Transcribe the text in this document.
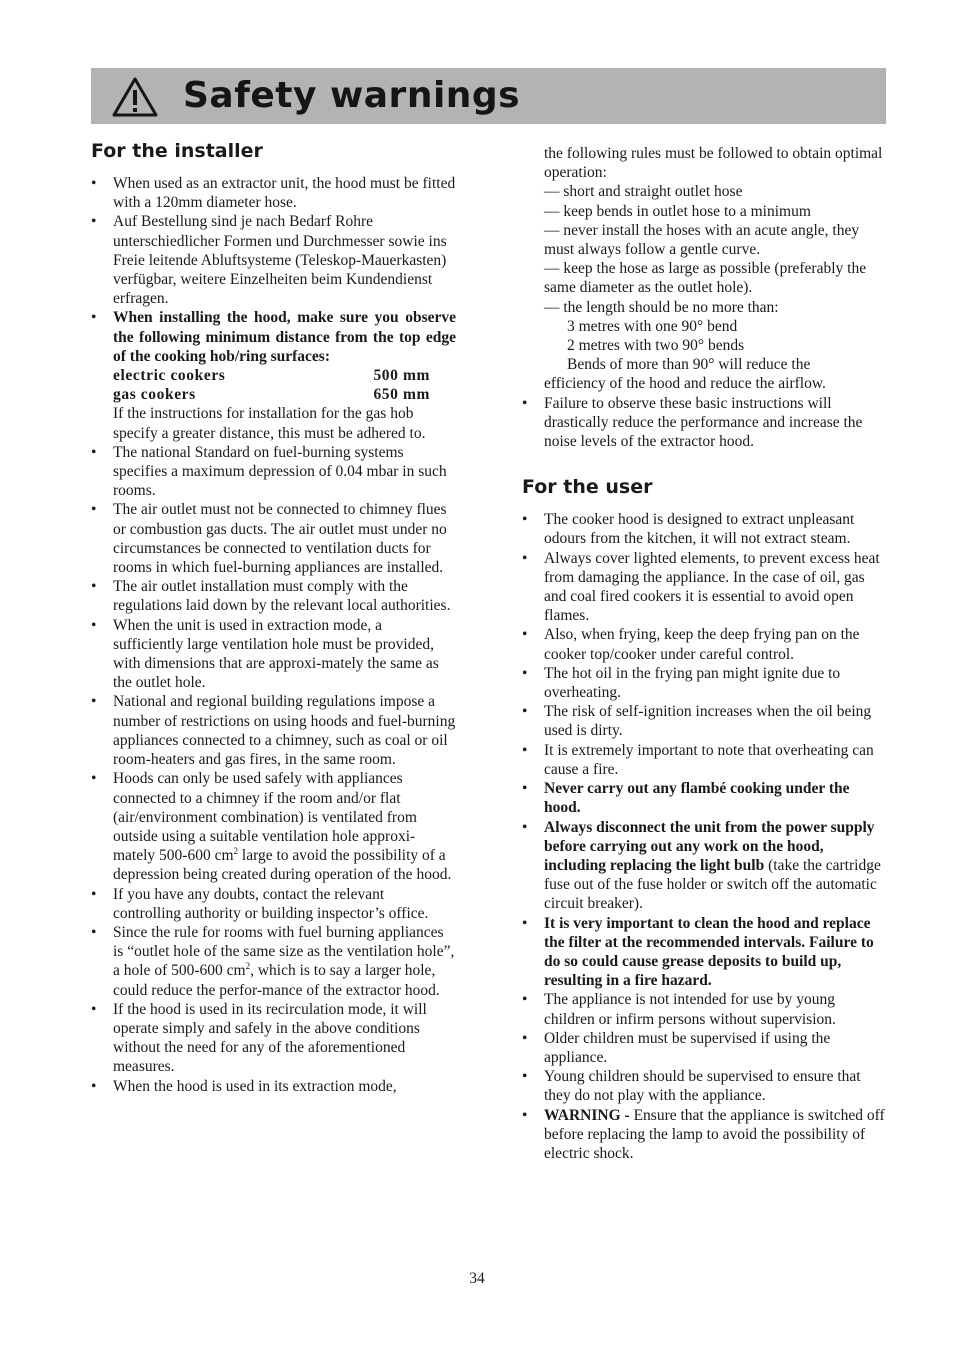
Safety warnings
For the installer
• When used as an extractor unit, the hood must be fitted with a 120mm diameter hose.
• Auf Bestellung sind je nach Bedarf Rohre unterschiedlicher Formen und Durchmesser sowie ins Freie leitende Abluftsysteme (Teleskop-Mauerkasten) verfügbar, weitere Einzelheiten beim Kundendienst erfragen.
• When installing the hood, make sure you observe the following minimum distance from the top edge of the cooking hob/ring surfaces:
electric cookers	500 mm
gas cookers	650 mm
If the instructions for installation for the gas hob specify a greater distance, this must be adhered to.
• The national Standard on fuel-burning systems specifies a maximum depression of 0.04 mbar in such rooms.
• The air outlet must not be connected to chimney flues or combustion gas ducts. The air outlet must under no circumstances be connected to ventilation ducts for rooms in which fuel-burning appliances are installed.
• The air outlet installation must comply with the regulations laid down by the relevant local authorities.
• When the unit is used in extraction mode, a sufficiently large ventilation hole must be provided, with dimensions that are approxi-mately the same as the outlet hole.
• National and regional building regulations impose a number of restrictions on using hoods and fuel-burning appliances connected to a chimney, such as coal or oil room-heaters and gas fires, in the same room.
• Hoods can only be used safely with appliances connected to a chimney if the room and/or flat (air/environment combination) is ventilated from outside using a suitable ventilation hole approxi-mately 500-600 $cm^2$ large to avoid the possibility of a depression being created during operation of the hood.
• If you have any doubts, contact the relevant controlling authority or building inspector’s office.
• Since the rule for rooms with fuel burning appliances is “outlet hole of the same size as the ventilation hole”, a hole of 500-600 $cm^2$, which is to say a larger hole, could reduce the perfor-mance of the extractor hood.
• If the hood is used in its recirculation mode, it will operate simply and safely in the above conditions without the need for any of the aforementioned measures.
• When the hood is used in its extraction mode,
the following rules must be followed to obtain optimal operation:
— short and straight outlet hose
— keep bends in outlet hose to a minimum
— never install the hoses with an acute angle, they must always follow a gentle curve.
— keep the hose as large as possible (preferably the same diameter as the outlet hole).
— the length should be no more than:
3 metres with one 90° bend
2 metres with two 90° bends
Bends of more than 90° will reduce the
efficiency of the hood and reduce the airflow.
• Failure to observe these basic instructions will drastically reduce the performance and increase the noise levels of the extractor hood.
For the user
• The cooker hood is designed to extract unpleasant odours from the kitchen, it will not extract steam.
• Always cover lighted elements, to prevent excess heat from damaging the appliance. In the case of oil, gas and coal fired cookers it is essential to avoid open flames.
• Also, when frying, keep the deep frying pan on the cooker top/cooker under careful control.
• The hot oil in the frying pan might ignite due to overheating.
• The risk of self-ignition increases when the oil being used is dirty.
• It is extremely important to note that overheating can cause a fire.
• Never carry out any flambé cooking under the hood.
• Always disconnect the unit from the power supply before carrying out any work on the hood, including replacing the light bulb (take the cartridge fuse out of the fuse holder or switch off the automatic circuit breaker).
• It is very important to clean the hood and replace the filter at the recommended intervals. Failure to do so could cause grease deposits to build up, resulting in a fire hazard.
• The appliance is not intended for use by young children or infirm persons without supervision.
• Older children must be supervised if using the appliance.
• Young children should be supervised to ensure that they do not play with the appliance.
• WARNING - Ensure that the appliance is switched off before replacing the lamp to avoid the possibility of electric shock.
34
